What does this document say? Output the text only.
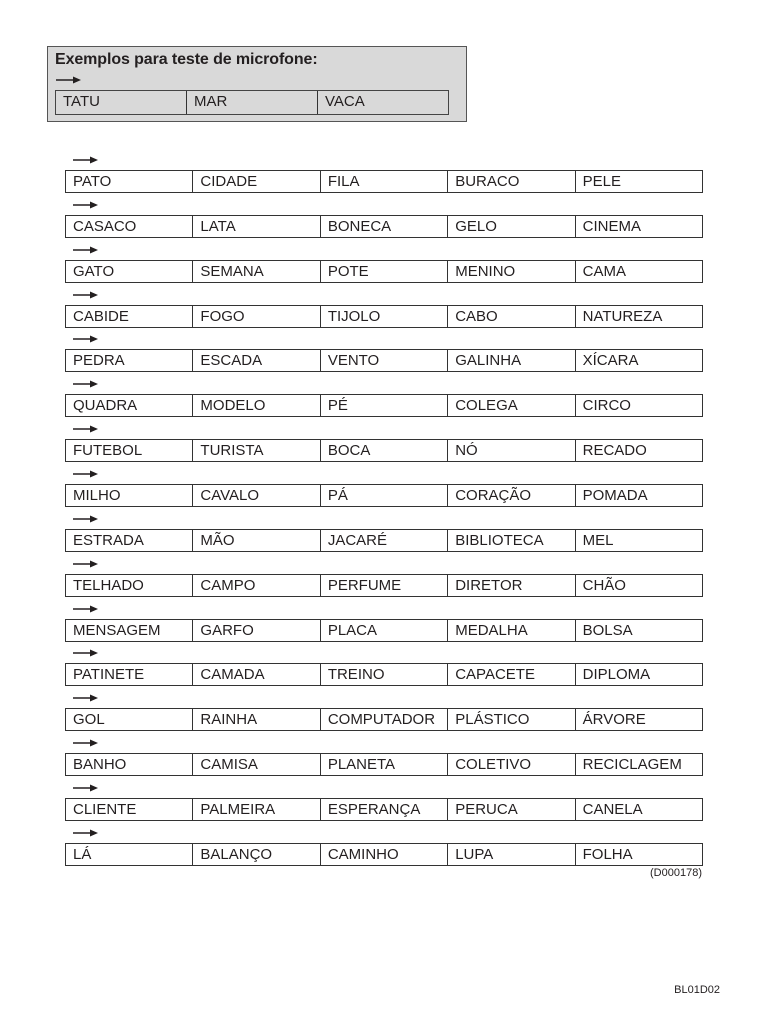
Exemplos para teste de microfone:
TATU	MAR	VACA
PATO	CIDADE	FILA	BURACO	PELE
CASACO	LATA	BONECA	GELO	CINEMA
GATO	SEMANA	POTE	MENINO	CAMA
CABIDE	FOGO	TIJOLO	CABO	NATUREZA
PEDRA	ESCADA	VENTO	GALINHA	XÍCARA
QUADRA	MODELO	PÉ	COLEGA	CIRCO
FUTEBOL	TURISTA	BOCA	NÓ	RECADO
MILHO	CAVALO	PÁ	CORAÇÃO	POMADA
ESTRADA	MÃO	JACARÉ	BIBLIOTECA	MEL
TELHADO	CAMPO	PERFUME	DIRETOR	CHÃO
MENSAGEM	GARFO	PLACA	MEDALHA	BOLSA
PATINETE	CAMADA	TREINO	CAPACETE	DIPLOMA
GOL	RAINHA	COMPUTADOR	PLÁSTICO	ÁRVORE
BANHO	CAMISA	PLANETA	COLETIVO	RECICLAGEM
CLIENTE	PALMEIRA	ESPERANÇA	PERUCA	CANELA
LÁ	BALANÇO	CAMINHO	LUPA	FOLHA
(D000178)
BL01D02
